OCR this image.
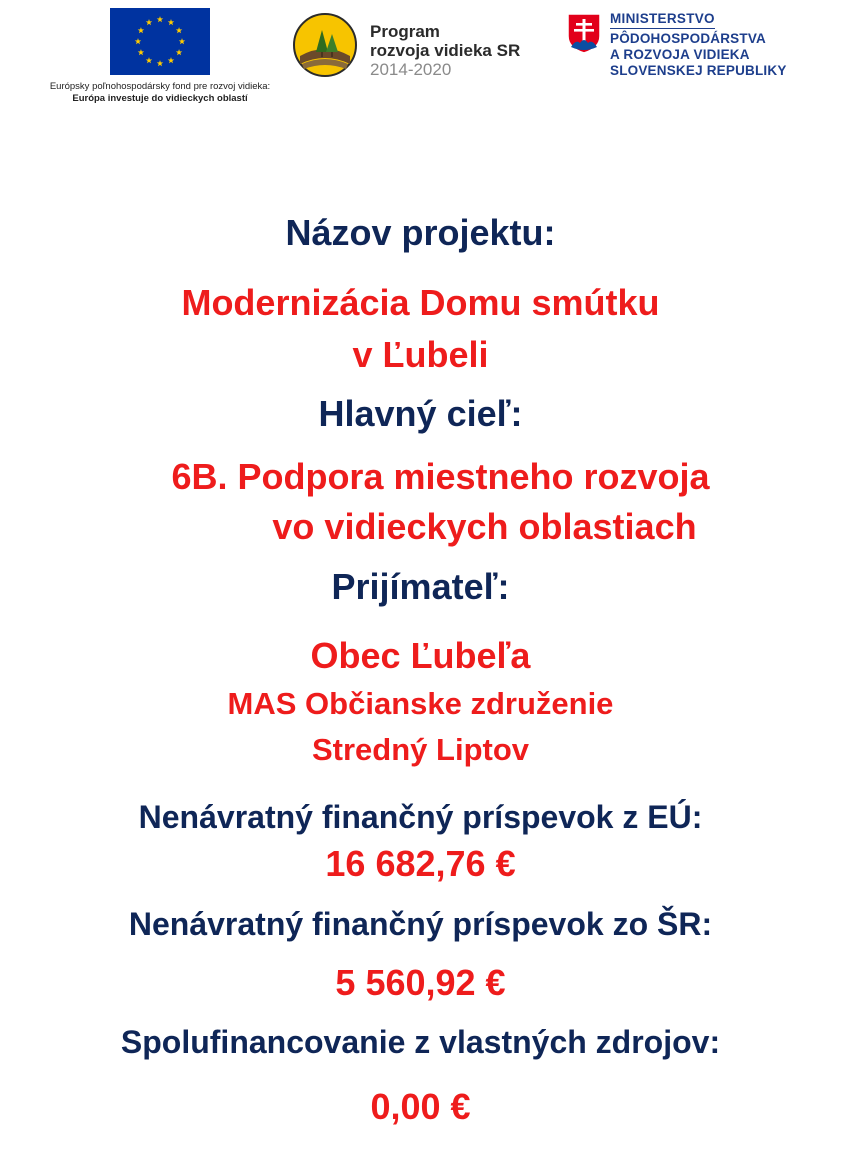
Európsky poľnohospodársky fond pre rozvoj vidieka:
Európa investuje do vidieckych oblastí
Program
rozvoja vidieka SR
2014-2020
MINISTERSTVO
PÔDOHOSPODÁRSTVA
A ROZVOJA VIDIEKA
SLOVENSKEJ REPUBLIKY
Názov projektu:
Modernizácia Domu smútku
v Ľubeli
Hlavný cieľ:
6B. Podpora miestneho rozvoja
vo vidieckych oblastiach
Prijímateľ:
Obec Ľubeľa
MAS Občianske združenie
Stredný Liptov
Nenávratný finančný príspevok z EÚ:
16 682,76 €
Nenávratný finančný príspevok zo ŠR:
5 560,92 €
Spolufinancovanie z vlastných zdrojov:
0,00 €
